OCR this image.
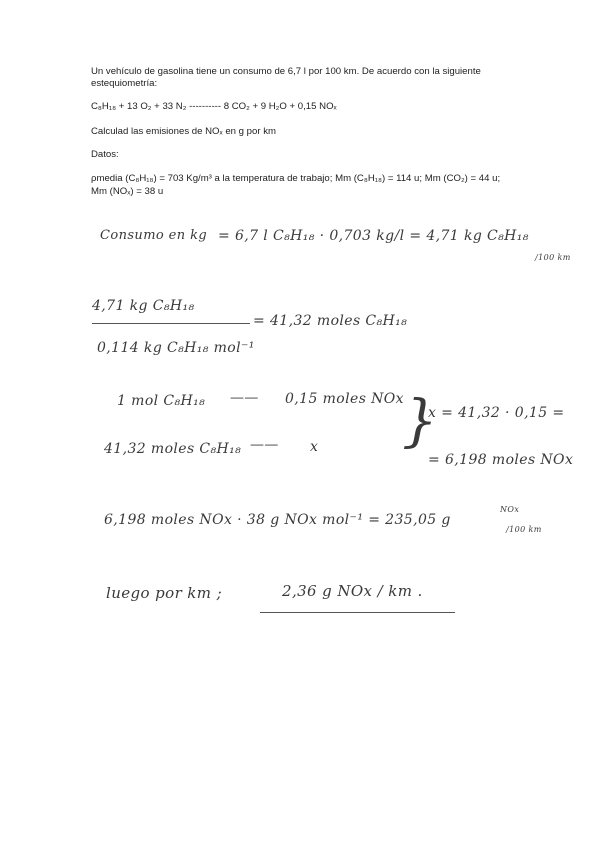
Un vehículo de gasolina tiene un consumo de 6,7 l por 100 km. De acuerdo con la siguiente estequiometría:
C₈H₁₈ + 13 O₂ + 33 N₂ ---------- 8 CO₂ + 9 H₂O + 0,15 NOₓ
Calculad las emisiones de NOₓ en g por km
Datos:
ρmedia (C₈H₁₈) = 703 Kg/m³ a la temperatura de trabajo; Mm (C₈H₁₈) = 114 u; Mm (CO₂) = 44 u;
Mm (NOₓ) = 38 u
Consumo en kg = 6,7 l C₈H₁₈ · 0,703 kg/l = 4,71 kg C₈H₁₈
/100 km
4,71 kg C₈H₁₈
= 41,32 moles C₈H₁₈
0,114 kg C₈H₁₈ mol⁻¹
1 mol C₈H₁₈ —— 0,15 moles NOx
41,32 moles C₈H₁₈ —— x }
x = 41,32 · 0,15 =
= 6,198 moles NOx
6,198 moles NOx · 38 g NOx mol⁻¹ = 235,05 g
NOx
/100 km
luego por km ;	2,36 g NOx / km .
